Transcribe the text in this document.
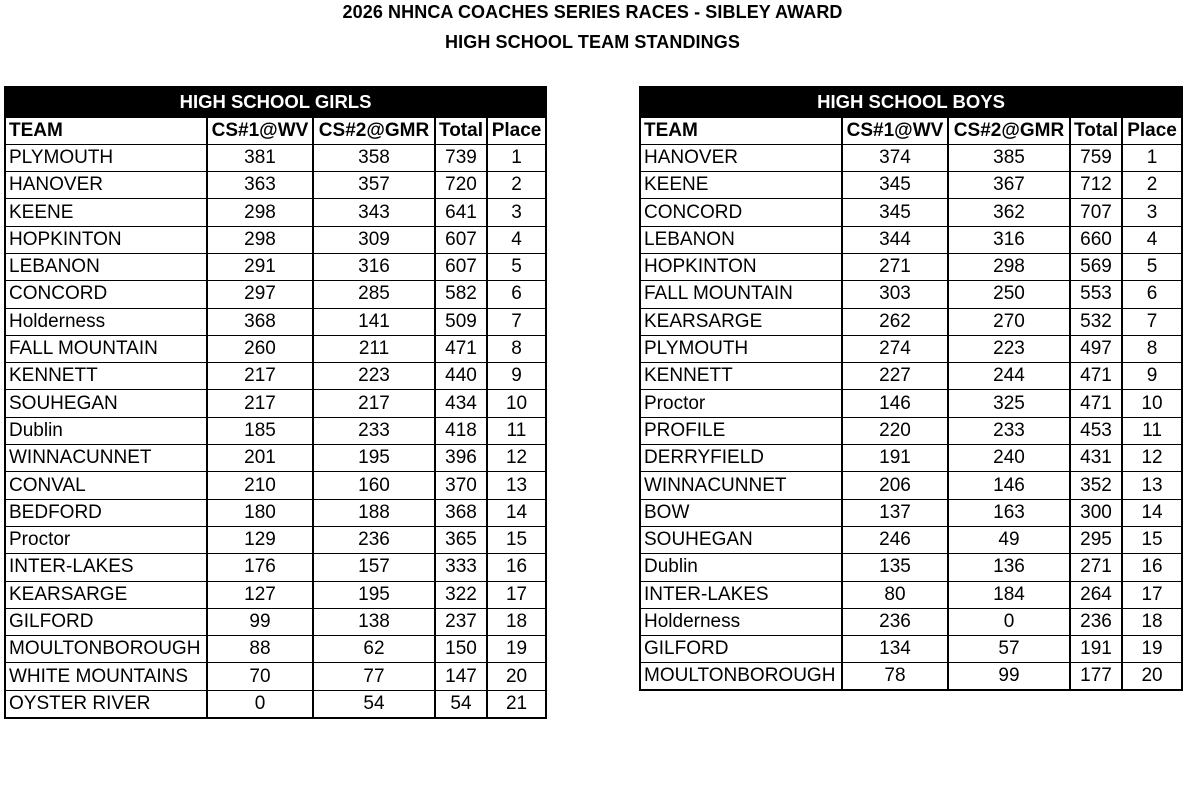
2026 NHNCA COACHES SERIES RACES - SIBLEY AWARD
HIGH SCHOOL TEAM STANDINGS
HIGH SCHOOL GIRLS				
TEAM	CS#1@WV	CS#2@GMR	Total	Place
PLYMOUTH	381	358	739	1
HANOVER	363	357	720	2
KEENE	298	343	641	3
HOPKINTON	298	309	607	4
LEBANON	291	316	607	5
CONCORD	297	285	582	6
Holderness	368	141	509	7
FALL MOUNTAIN	260	211	471	8
KENNETT	217	223	440	9
SOUHEGAN	217	217	434	10
Dublin	185	233	418	11
WINNACUNNET	201	195	396	12
CONVAL	210	160	370	13
BEDFORD	180	188	368	14
Proctor	129	236	365	15
INTER-LAKES	176	157	333	16
KEARSARGE	127	195	322	17
GILFORD	99	138	237	18
MOULTONBOROUGH	88	62	150	19
WHITE MOUNTAINS	70	77	147	20
OYSTER RIVER	0	54	54	21
HIGH SCHOOL BOYS				
TEAM	CS#1@WV	CS#2@GMR	Total	Place
HANOVER	374	385	759	1
KEENE	345	367	712	2
CONCORD	345	362	707	3
LEBANON	344	316	660	4
HOPKINTON	271	298	569	5
FALL MOUNTAIN	303	250	553	6
KEARSARGE	262	270	532	7
PLYMOUTH	274	223	497	8
KENNETT	227	244	471	9
Proctor	146	325	471	10
PROFILE	220	233	453	11
DERRYFIELD	191	240	431	12
WINNACUNNET	206	146	352	13
BOW	137	163	300	14
SOUHEGAN	246	49	295	15
Dublin	135	136	271	16
INTER-LAKES	80	184	264	17
Holderness	236	0	236	18
GILFORD	134	57	191	19
MOULTONBOROUGH	78	99	177	20
